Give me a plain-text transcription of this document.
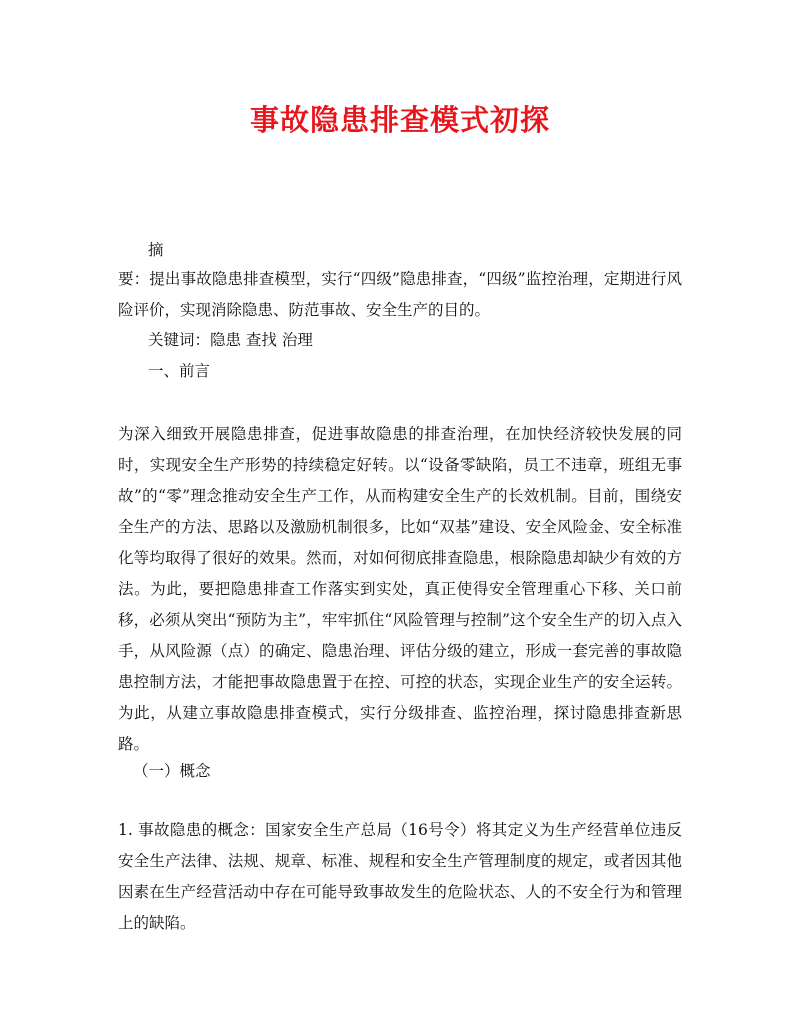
事故隐患排查模式初探
摘
要：提出事故隐患排查模型，实行“四级”隐患排查，“四级”监控治理，定期进行风险评价，实现消除隐患、防范事故、安全生产的目的。
关键词：隐患 查找 治理
一、前言
为深入细致开展隐患排查，促进事故隐患的排查治理，在加快经济较快发展的同时，实现安全生产形势的持续稳定好转。以“设备零缺陷，员工不违章，班组无事故”的“零”理念推动安全生产工作，从而构建安全生产的长效机制。目前，围绕安全生产的方法、思路以及激励机制很多，比如“双基”建设、安全风险金、安全标准化等均取得了很好的效果。然而，对如何彻底排查隐患，根除隐患却缺少有效的方法。为此，要把隐患排查工作落实到实处，真正使得安全管理重心下移、关口前移，必须从突出“预防为主”，牢牢抓住“风险管理与控制”这个安全生产的切入点入手，从风险源（点）的确定、隐患治理、评估分级的建立，形成一套完善的事故隐患控制方法，才能把事故隐患置于在控、可控的状态，实现企业生产的安全运转。为此，从建立事故隐患排查模式，实行分级排查、监控治理，探讨隐患排查新思路。
（一）概念
1. 事故隐患的概念：国家安全生产总局（16号令）将其定义为生产经营单位违反安全生产法律、法规、规章、标准、规程和安全生产管理制度的规定，或者因其他因素在生产经营活动中存在可能导致事故发生的危险状态、人的不安全行为和管理上的缺陷。
